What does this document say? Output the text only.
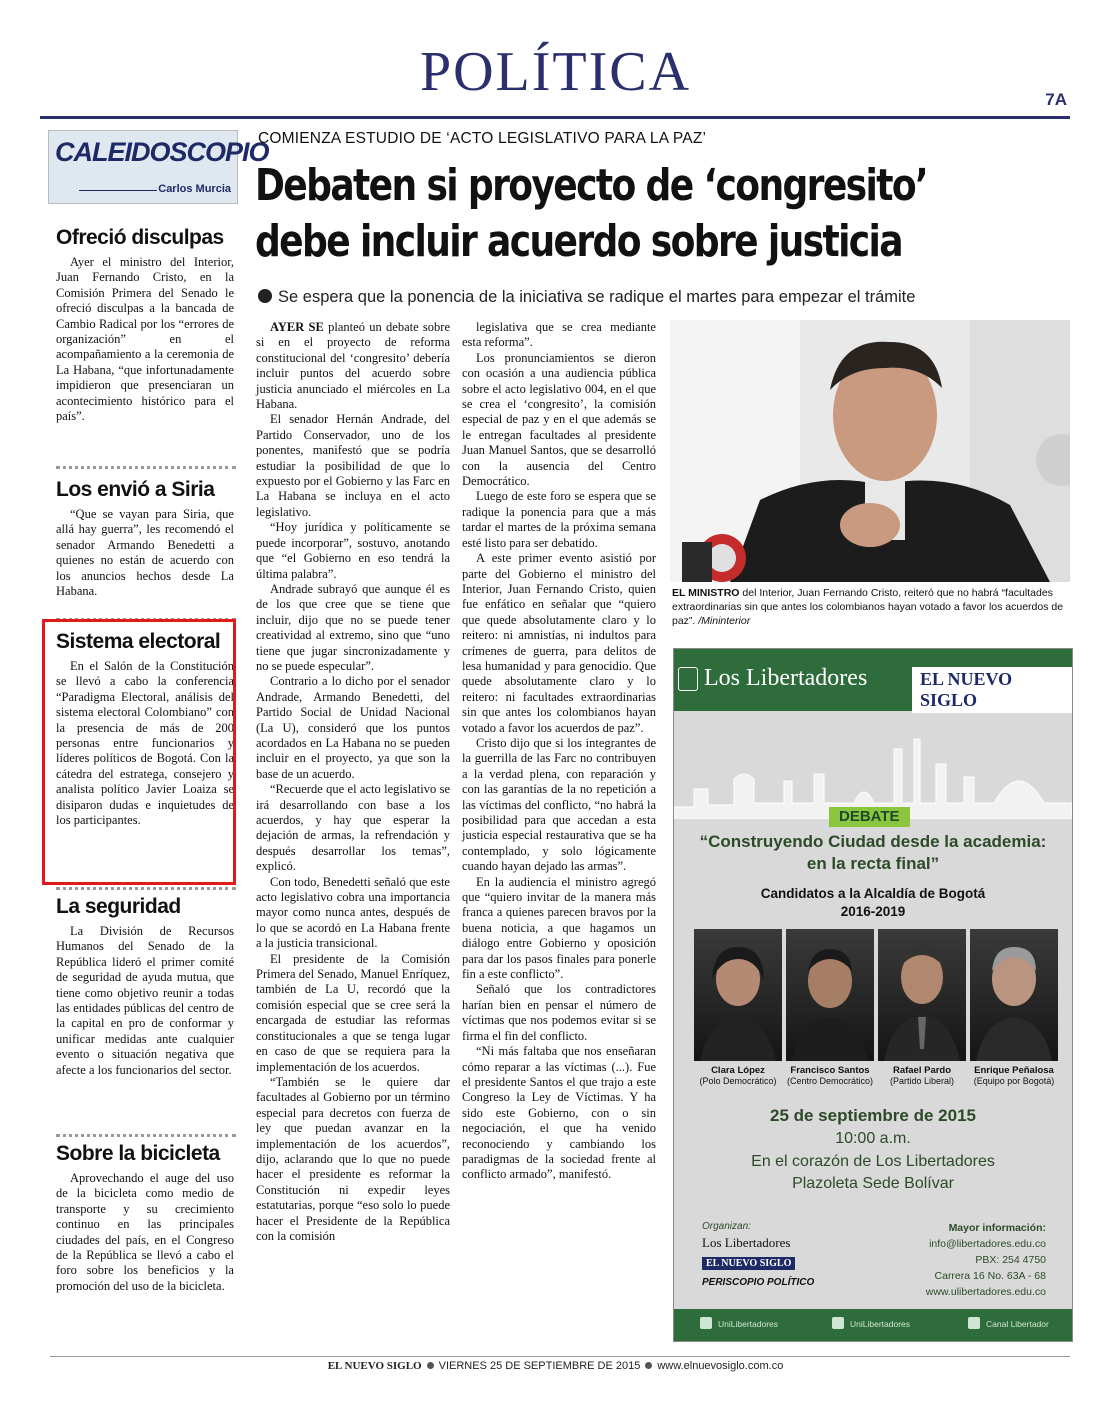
POLÍTICA	7A
CALEIDOSCOPIO
Carlos Murcia
Ofreció disculpas
Ayer el ministro del Interior, Juan Fernando Cristo, en la Comisión Primera del Senado le ofreció disculpas a la bancada de Cambio Radical por los “errores de organización” en el acompañamiento a la ceremonia de La Habana, “que infortunadamente impidieron que presenciaran un acontecimiento histórico para el país”.
Los envió a Siria
“Que se vayan para Siria, que allá hay guerra”, les recomendó el senador Armando Benedetti a quienes no están de acuerdo con los anuncios hechos desde La Habana.
Sistema electoral
En el Salón de la Constitución se llevó a cabo la conferencia “Paradigma Electoral, análisis del sistema electoral Colombiano” con la presencia de más de 200 personas entre funcionarios y líderes políticos de Bogotá. Con la cátedra del estratega, consejero y analista político Javier Loaiza se disiparon dudas e inquietudes de los participantes.
La seguridad
La División de Recursos Humanos del Senado de la República lideró el primer comité de seguridad de ayuda mutua, que tiene como objetivo reunir a todas las entidades públicas del centro de la capital en pro de conformar y unificar medidas ante cualquier evento o situación negativa que afecte a los funcionarios del sector.
Sobre la bicicleta
Aprovechando el auge del uso de la bicicleta como medio de transporte y su crecimiento continuo en las principales ciudades del país, en el Congreso de la República se llevó a cabo el foro sobre los beneficios y la promoción del uso de la bicicleta.
COMIENZA ESTUDIO DE ‘ACTO LEGISLATIVO PARA LA PAZ’
Debaten si proyecto de ‘congresito’
debe incluir acuerdo sobre justicia
Se espera que la ponencia de la iniciativa se radique el martes para empezar el trámite

AYER SE planteó un debate sobre si en el proyecto de reforma constitucional del ‘congresito’ debería incluir puntos del acuerdo sobre justicia anunciado el miércoles en La Habana.

El senador Hernán Andrade, del Partido Conservador, uno de los ponentes, manifestó que se podría estudiar la posibilidad de que lo expuesto por el Gobierno y las Farc en La Habana se incluya en el acto legislativo.

“Hoy jurídica y políticamente se puede incorporar”, sostuvo, anotando que “el Gobierno en eso tendrá la última palabra”.

Andrade subrayó que aunque él es de los que cree que se tiene que incluir, dijo que no se puede tener creatividad al extremo, sino que “uno tiene que jugar sincronizadamente y no se puede especular”.

Contrario a lo dicho por el senador Andrade, Armando Benedetti, del Partido Social de Unidad Nacional (La U), consideró que los puntos acordados en La Habana no se pueden incluir en el proyecto, ya que son la base de un acuerdo.

“Recuerde que el acto legislativo se irá desarrollando con base a los acuerdos, y hay que esperar la dejación de armas, la refrendación y después desarrollar los temas”, explicó.

Con todo, Benedetti señaló que este acto legislativo cobra una importancia mayor como nunca antes, después de lo que se acordó en La Habana frente a la justicia transicional.

El presidente de la Comisión Primera del Senado, Manuel Enríquez, también de La U, recordó que la comisión especial que se cree será la encargada de estudiar las reformas constitucionales a que se tenga lugar en caso de que se requiera para la implementación de los acuerdos.

“También se le quiere dar facultades al Gobierno por un término especial para decretos con fuerza de ley que puedan avanzar en la implementación de los acuerdos”, dijo, aclarando que lo que no puede hacer el presidente es reformar la Constitución ni expedir leyes estatutarias, porque “eso solo lo puede hacer el Presidente de la República con la comisión

legislativa que se crea mediante esta reforma”.

Los pronunciamientos se dieron con ocasión a una audiencia pública sobre el acto legislativo 004, en el que se crea el ‘congresito’, la comisión especial de paz y en el que además se le entregan facultades al presidente Juan Manuel Santos, que se desarrolló con la ausencia del Centro Democrático.

Luego de este foro se espera que se radique la ponencia para que a más tardar el martes de la próxima semana esté listo para ser debatido.

A este primer evento asistió por parte del Gobierno el ministro del Interior, Juan Fernando Cristo, quien fue enfático en señalar que “quiero que quede absolutamente claro y lo reitero: ni amnistías, ni indultos para crímenes de guerra, para delitos de lesa humanidad y para genocidio. Que quede absolutamente claro y lo reitero: ni facultades extraordinarias sin que antes los colombianos hayan votado a favor los acuerdos de paz”.

Cristo dijo que si los integrantes de la guerrilla de las Farc no contribuyen a la verdad plena, con reparación y con las garantías de la no repetición a las víctimas del conflicto, “no habrá la posibilidad para que accedan a esta justicia especial restaurativa que se ha contemplado, y solo lógicamente cuando hayan dejado las armas”.

En la audiencia el ministro agregó que “quiero invitar de la manera más franca a quienes parecen bravos por la buena noticia, a que hagamos un diálogo entre Gobierno y oposición para dar los pasos finales para ponerle fin a este conflicto”.

Señaló que los contradictores harían bien en pensar el número de víctimas que nos podemos evitar si se firma el fin del conflicto.

“Ni más faltaba que nos enseñaran cómo reparar a las víctimas (...). Fue el presidente Santos el que trajo a este Congreso la Ley de Víctimas. Y ha sido este Gobierno, con o sin negociación, el que ha venido reconociendo y cambiando los paradigmas de la sociedad frente al conflicto armado”, manifestó.

EL MINISTRO del Interior, Juan Fernando Cristo, reiteró que no habrá “facultades extraordinarias sin que antes los colombianos hayan votado a favor los acuerdos de paz”. /Mininterior
Los Libertadores	EL NUEVO SIGLO
DEBATE
“Construyendo Ciudad desde la academia:
en la recta final”
Candidatos a la Alcaldía de Bogotá
2016-2019
Clara López
(Polo Democrático)
Francisco Santos
(Centro Democrático)
Rafael Pardo
(Partido Liberal)
Enrique Peñalosa
(Equipo por Bogotá)
25 de septiembre de 2015
10:00 a.m.
En el corazón de Los Libertadores
Plazoleta Sede Bolívar
Organizan:
Los Libertadores
EL NUEVO SIGLO
PERISCOPIO POLÍTICO
Mayor información:
info@libertadores.edu.co
PBX: 254 4750
Carrera 16 No. 63A - 68
www.ulibertadores.edu.co
UniLibertadores	UniLibertadores	Canal Libertador
EL NUEVO SIGLO VIERNES 25 DE SEPTIEMBRE DE 2015 www.elnuevosiglo.com.co
